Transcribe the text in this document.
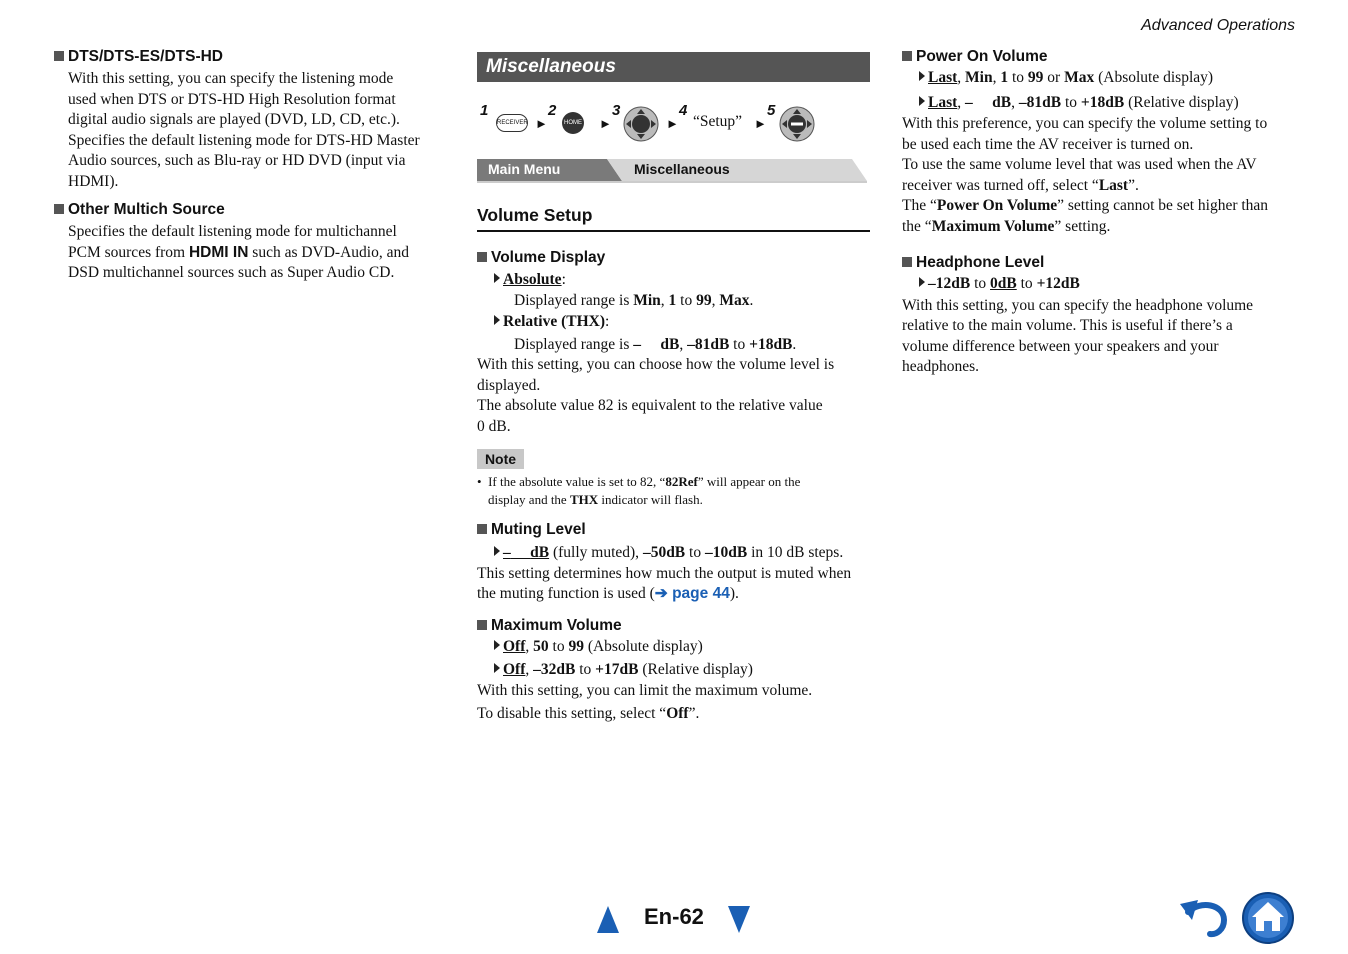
Advanced Operations
DTS/DTS-ES/DTS-HD
With this setting, you can specify the listening mode
used when DTS or DTS-HD High Resolution format
digital audio signals are played (DVD, LD, CD, etc.).
Specifies the default listening mode for DTS-HD Master
Audio sources, such as Blu-ray or HD DVD (input via
HDMI).
Other Multich Source
Specifies the default listening mode for multichannel
PCM sources from HDMI IN such as DVD-Audio, and
DSD multichannel sources such as Super Audio CD.
Miscellaneous
1
RECEIVER ►
2
HOME ►
3
►
4
“Setup” ►
5
Main Menu	Miscellaneous
Volume Setup
Volume Display
Absolute:
Displayed range is Min, 1 to 99, Max.
Relative (THX):
Displayed range is – dB, –81dB to +18dB.
With this setting, you can choose how the volume level is
displayed.
The absolute value 82 is equivalent to the relative value
0 dB.
Note
•  If the absolute value is set to 82, “82Ref” will appear on the
display and the THX indicator will flash.
Muting Level
– dB (fully muted), –50dB to –10dB in 10 dB steps.
This setting determines how much the output is muted when
the muting function is used (➔ page 44).
Maximum Volume
Off, 50 to 99 (Absolute display)
Off, –32dB to +17dB (Relative display)
With this setting, you can limit the maximum volume.
To disable this setting, select “Off”.
Power On Volume
Last, Min, 1 to 99 or Max (Absolute display)
Last, – dB, –81dB to +18dB (Relative display)
With this preference, you can specify the volume setting to
be used each time the AV receiver is turned on.
To use the same volume level that was used when the AV
receiver was turned off, select “Last”.
The “Power On Volume” setting cannot be set higher than
the “Maximum Volume” setting.
Headphone Level
–12dB to 0dB to +12dB
With this setting, you can specify the headphone volume
relative to the main volume. This is useful if there’s a
volume difference between your speakers and your
headphones.
En-62
